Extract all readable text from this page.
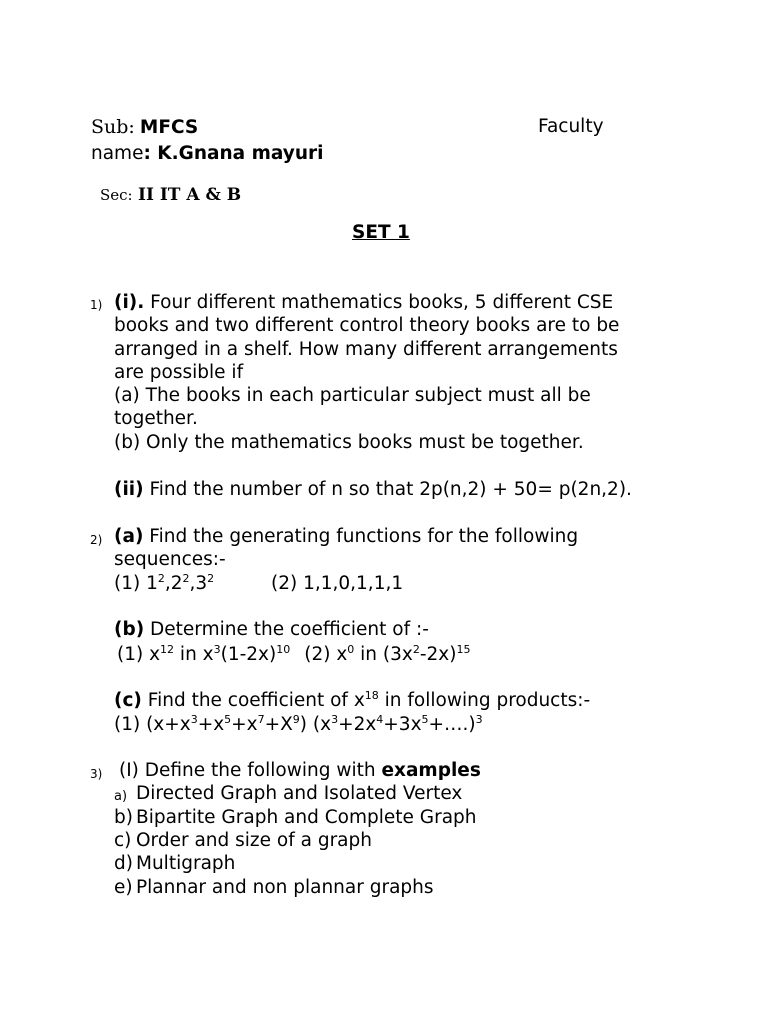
Sub: MFCS	Faculty
name: K.Gnana mayuri
Sec: II IT A & B
SET 1
1) (i). Four different mathematics books, 5 different CSE
books and two different control theory books are to be
arranged in a shelf. How many different arrangements
are possible if
(a) The books in each particular subject must all be
together.
(b) Only the mathematics books must be together.
(ii) Find the number of n so that 2p(n,2) + 50= p(2n,2).
2) (a) Find the generating functions for the following
sequences:-
(1) $1^2,2^2,3^2$	(2) 1,1,0,1,1,1
(b) Determine the coefficient of :-
(1) $x^{12}$ in $x^3(1-2x)^{10}$ (2) $x^0$ in $(3x^2-2x)^{15}$
(c) Find the coefficient of $x^{18}$ in following products:-
(1) $(x+x^3+x^5+x^7+X^9)$ $(x^3+2x^4+3x^5+\dots.)^3$
3) (I) Define the following with examples
a) Directed Graph and Isolated Vertex
b) Bipartite Graph and Complete Graph
c) Order and size of a graph
d) Multigraph
e) Plannar and non plannar graphs
